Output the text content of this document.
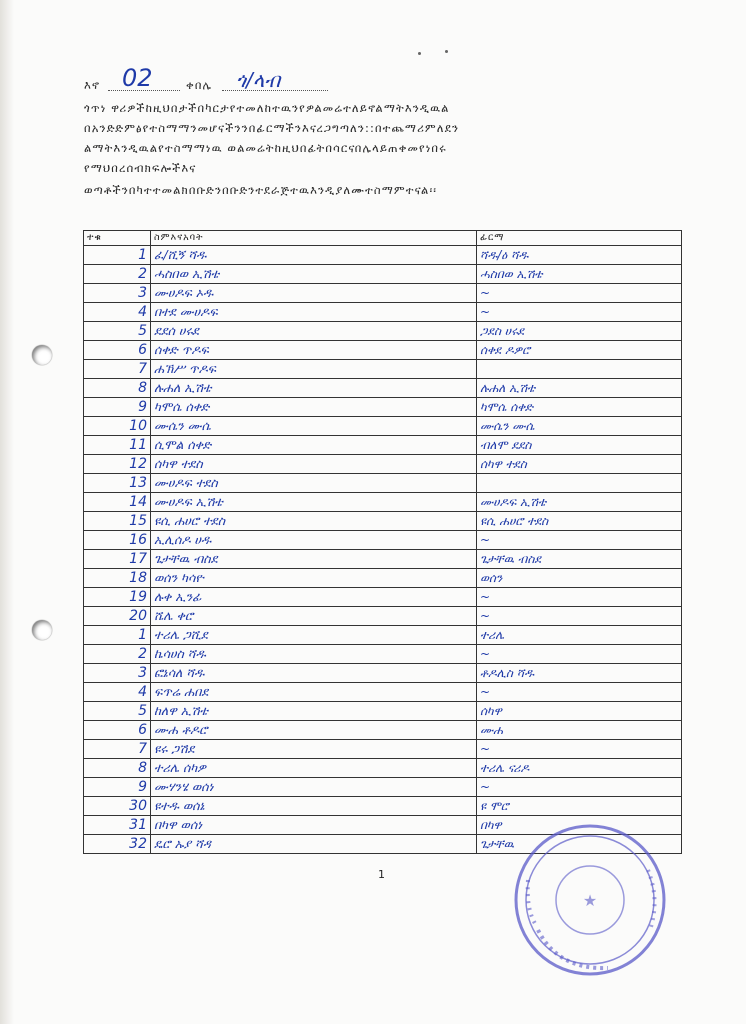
እኖ 02	ቀበሌ ጎ/ላብ
ጎጥነ ዋሪዎችከዚህበታችበካርታየተመለከተዉንየዎልመሬተለይኖልማትእንዲዉል
በአንድድምፅየተስማማንመሆናችንንበፊርማችንእናረጋግጣለን::በተጨማሪምለደን
ልማትእንዲዉልየተስማማነዉ ወልመሬትከዚህበፊትበሳርናበሌላይጠቀመየነበሩ
የማህበረሰብክፍሎችእና
ወጣቶችንበካተተመልክበቡድንበቡድንተደራጅተዉእንዲያለሙተስማምተናል፡፡
ተቁ	ስምእናአባት	ፊርማ
1	ፈ/ሺኝ ሻዱ	ሻዱ/ዕ ሻዱ
2	ሓስበወ ኢሽቴ	ሓስበወ ኢሽቴ
3	ሙሀዶፍ ኦዱ	~
4	በተደ ሙሀዶፍ	~
5	ደደሰ ሀሩደ	ጋደስ ሀሩደ
6	ሰቀድ ጥዶፍ	ሰቀደ ዶዎሮ
7	ሐኽሥ ጥዶፍ	
8	ሉሐለ ኢሽቴ	ሉሐለ ኢሽቴ
9	ካሞሴ ሰቀድ	ካሞሴ ሰቀድ
10	ሙሴን ሙሴ	ሙሴን ሙሴ
11	ሲሞል ሰቀድ	ብለሞ ደደስ
12	ሰካዋ ተደስ	ሰካዋ ተደስ
13	ሙሀዶፍ ተደስ	
14	ሙሀዶፍ ኢሽቴ	ሙሀዶፍ ኢሽቴ
15	ዩሲ ሐሀሮ ተደስ	ዩሲ ሐሀሮ ተደስ
16	ኢሊሰዶ ሀዱ	~
17	ጌታቸዉ ብስደ	ጌታቸዉ ብስደ
18	ወሰን ካሳዮ	ወሰን
19	ሉቀ ኢንፊ	~
20	ሼሌ ቀሮ	~
1	ተሪሌ ጋሺደ	ተሪሌ
2	ኬሳሀስ ሻዱ	~
3	ፎኔሳለ ሻዱ	ቶዶሊስ ሻዱ
4	ፍጥሬ ሐበደ	~
5	ከለዋ ኢሽቴ	ሰካዋ
6	ሙሐ ቶዶሮ	ሙሐ
7	ዩሩ ጋሽደ	~
8	ተሪሌ ሰካዎ	ተሪሌ ናሪዶ
9	ሙሃንሄ ወሰነ	~
30	ዩተዱ ወሰኔ	ዩ ሞሮ
31	በካዋ ወሰነ	በካዋ
32	ዴሮ ኡያ ሻዳ	ጌታቸዉ
1
★
